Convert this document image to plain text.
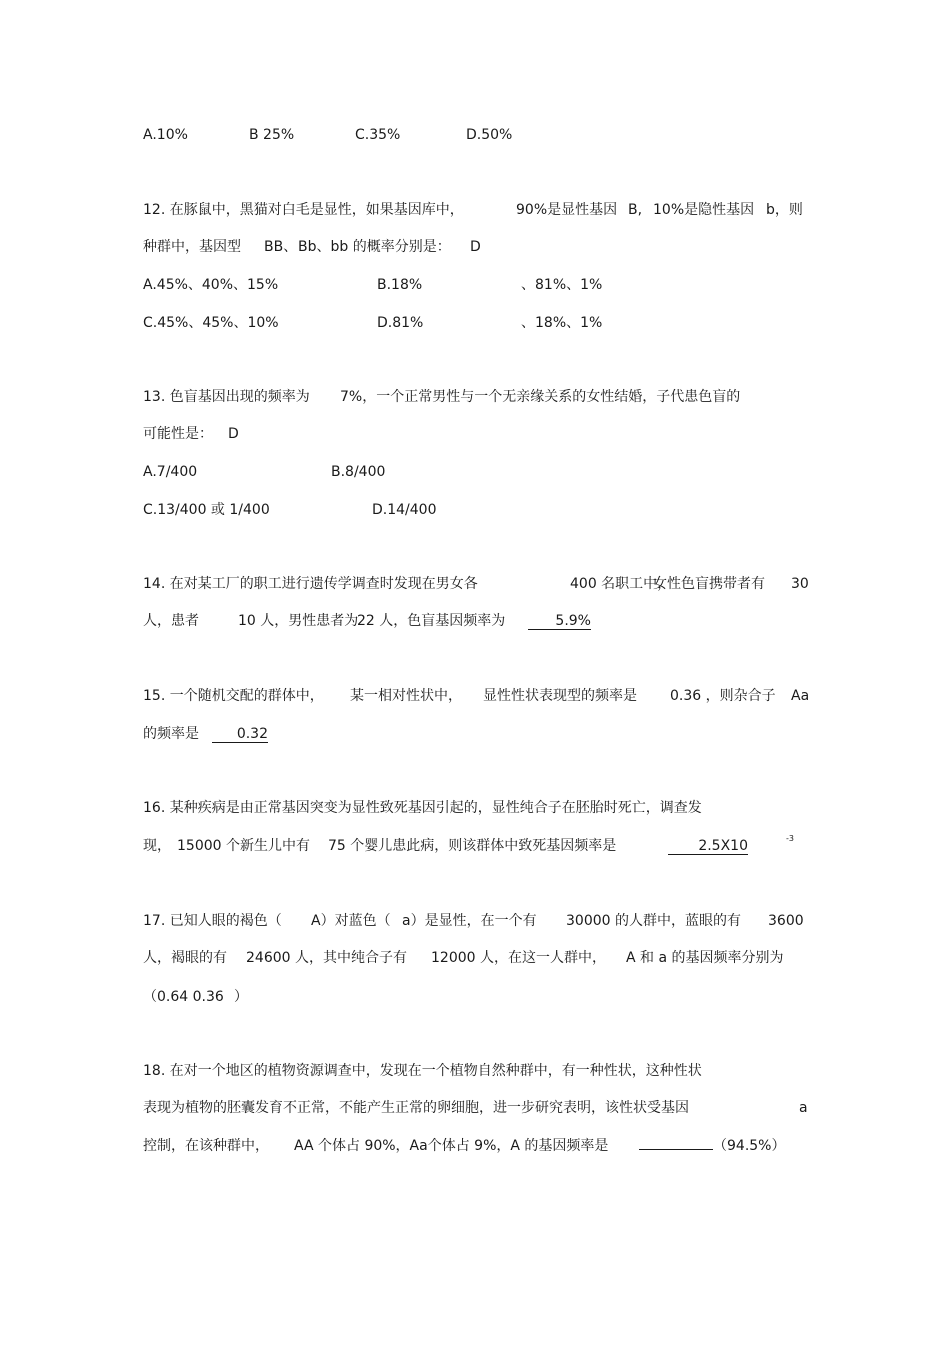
A.10%	B 25%	C.35%	D.50%
12. 在豚鼠中，黑猫对白毛是显性，如果基因库中，	90%是显性基因 B, 10%是隐性基因 b，则
种群中，基因型 BB、 Bb、bb 的概率分别是： D
A.45%、40%、15%	B.18%	、81%、1%
C.45%、45%、10%	D.81%	、18%、1%
13. 色盲基因出现的频率为 7%，一个正常男性与一个无亲缘关系的女性结婚，子代患色盲的
可能性是： D
A.7/400	B.8/400
C.13/400 或 1/400	D.14/400
14. 在对某工厂的职工进行遗传学调查时发现在男女各	400 名职工中，
女性色盲携带者有 30
人，患者	10 人，男性患者为
22 人，色盲基因频率为	5.9%
15. 一个随机交配的群体中， 某一相对性状中， 显性性状表现型的频率是 0.36 ，则杂合子 Aa
的频率是	0.32
16. 某种疾病是由正常基因突变为显性致死基因引起的，显性纯合子在胚胎时死亡，调查发
现， 15000 个新生儿中有 75 个婴儿患此病，则该群体中致死基因频率是	2.5X10	-3
17. 已知人眼的褐色（ A）对蓝色（ a）是显性，在一个有 30000 的人群中，蓝眼的有 3600
人，褐眼的有 24600 人，其中纯合子有 12000 人，在这一人群中， A 和 a 的基因频率分别为
（0.64 0.36 ）
18. 在对一个地区的植物资源调查中，发现在一个植物自然种群中，有一种性状，这种性状
表现为植物的胚囊发育不正常，不能产生正常的卵细胞，进一步研究表明，该性状受基因	a
控制，在该种群中， AA 个体占 90%，Aa个体占 9%，A 的基因频率是	（94.5%）
